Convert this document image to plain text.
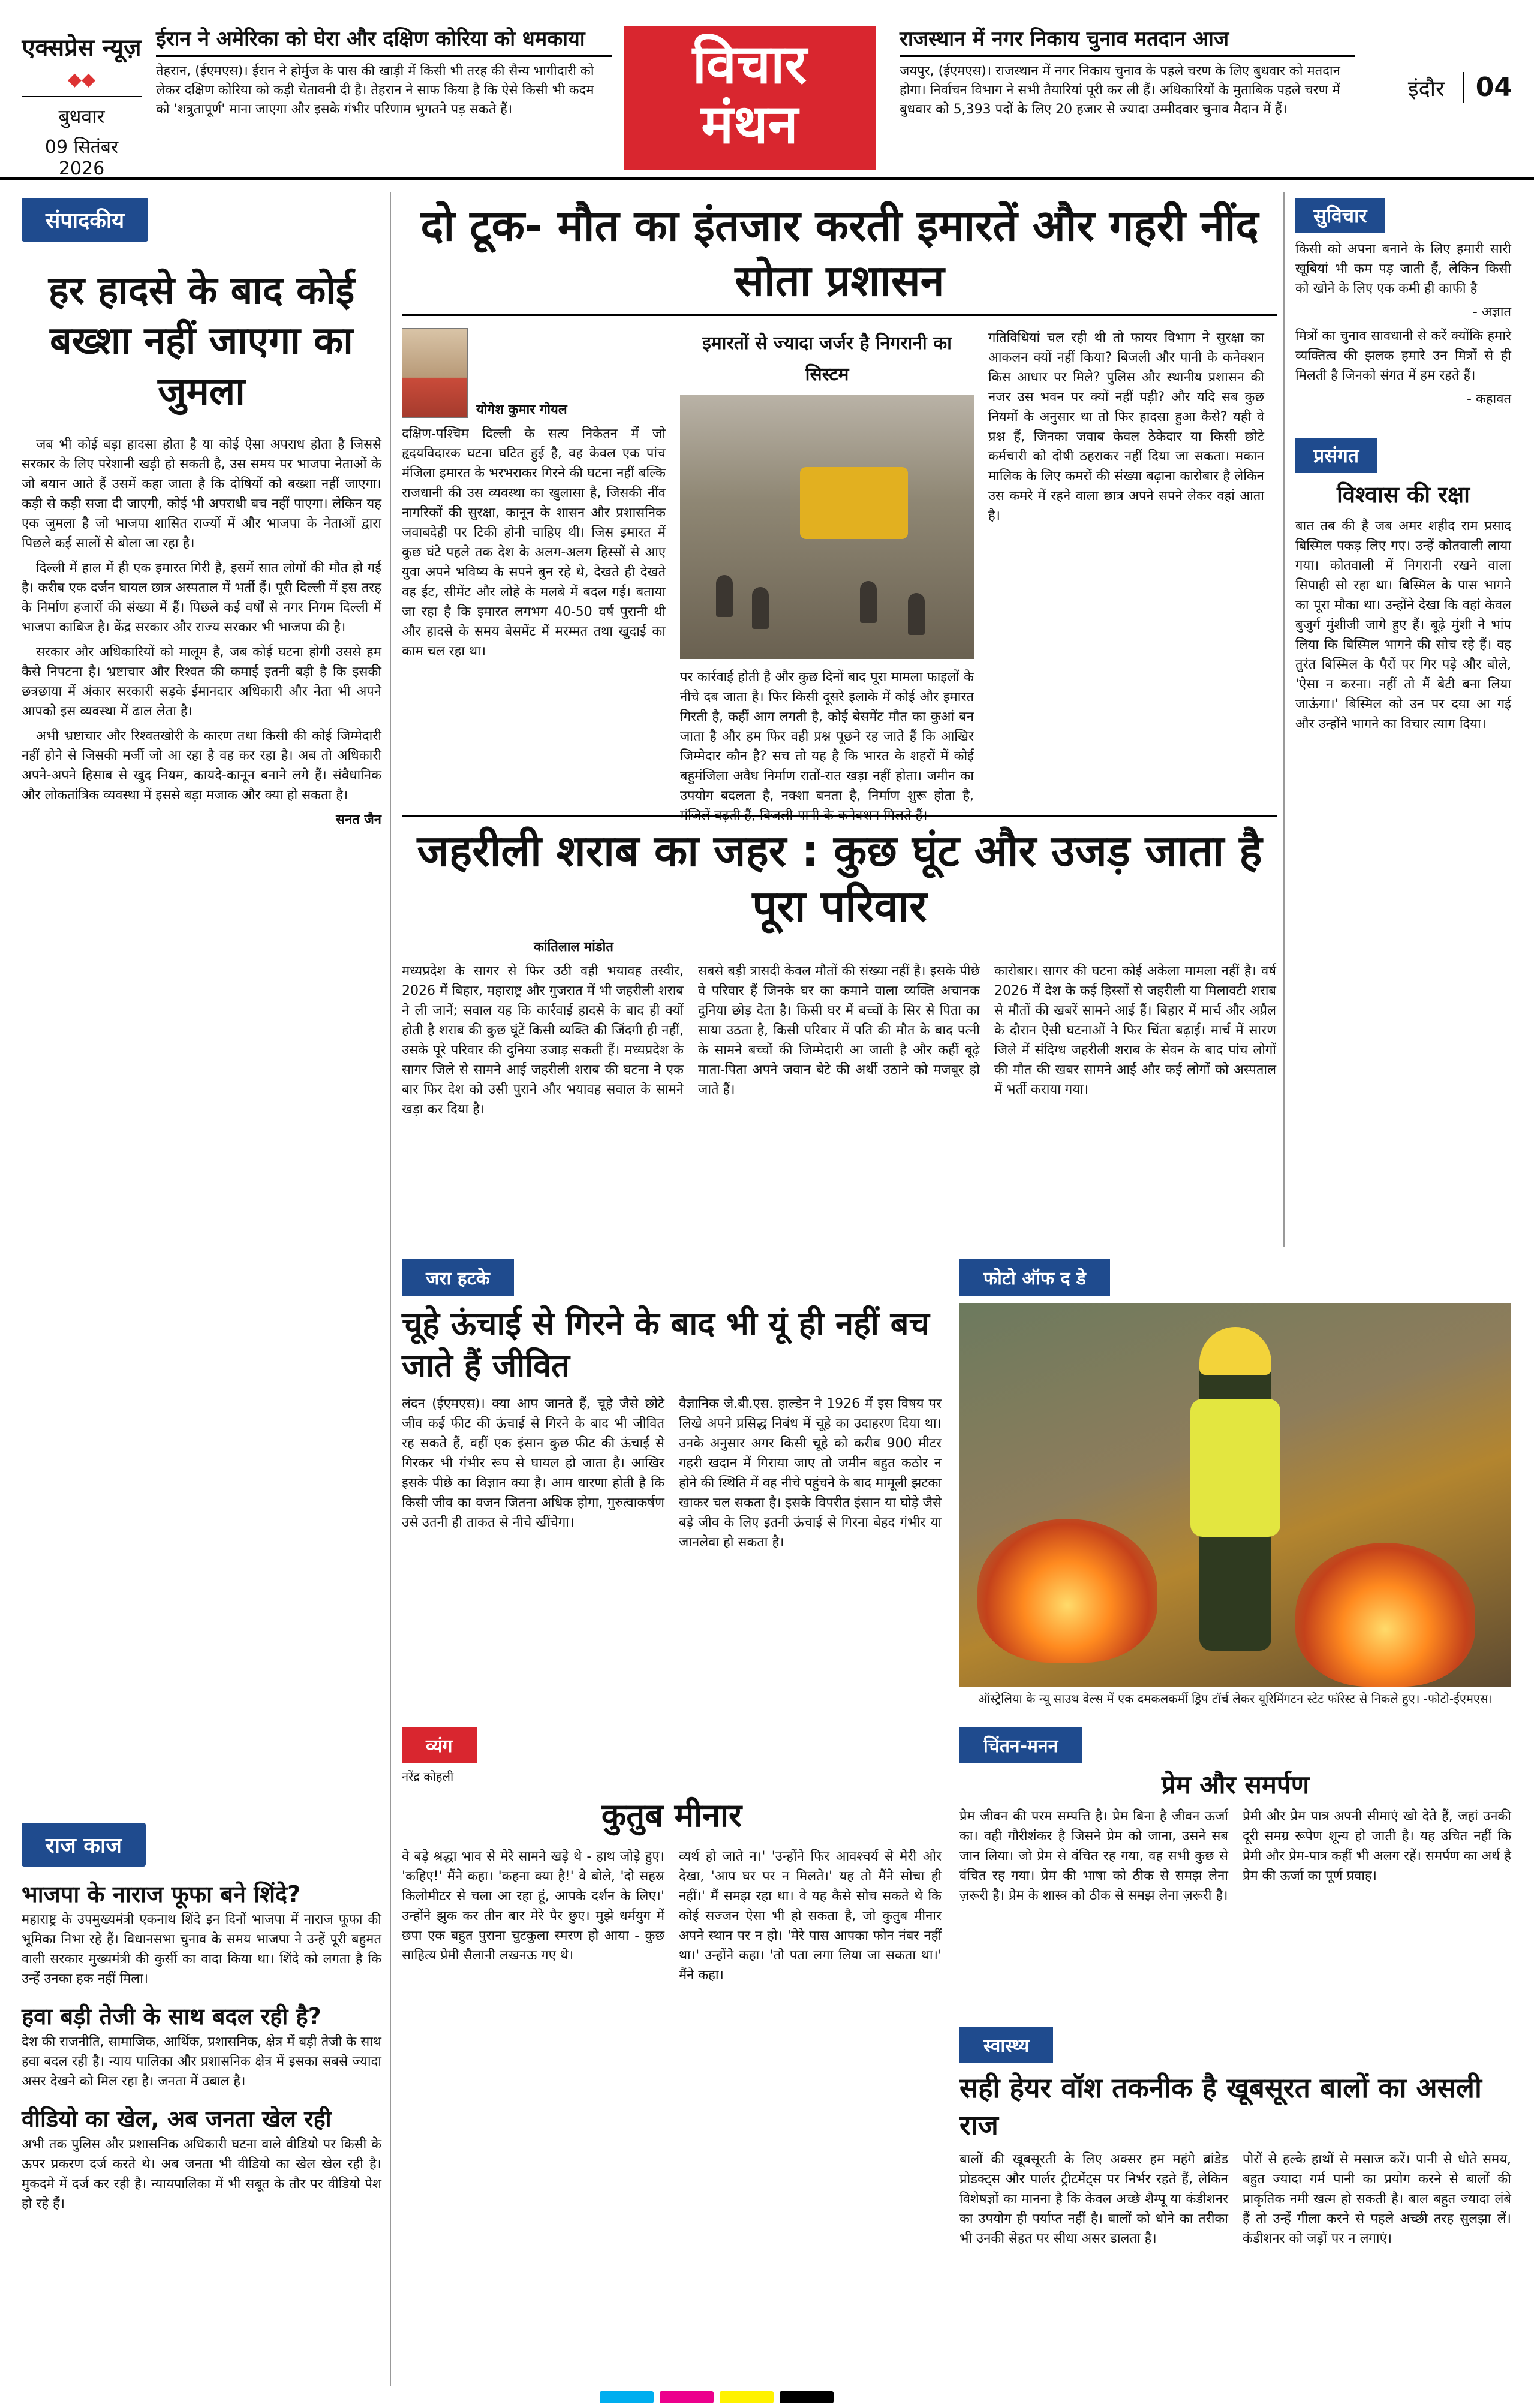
एक्सप्रेस न्यूज़
◆◆
बुधवार
09 सितंबर 2026
ईरान ने अमेरिका को घेरा और दक्षिण कोरिया को धमकाया

तेहरान, (ईएमएस)। ईरान ने होर्मुज के पास की खाड़ी में किसी भी तरह की सैन्य भागीदारी को लेकर दक्षिण कोरिया को कड़ी चेतावनी दी है। तेहरान ने साफ किया है कि ऐसे किसी भी कदम को 'शत्रुतापूर्ण' माना जाएगा और इसके गंभीर परिणाम भुगतने पड़ सकते हैं।

विचार
मंथन
राजस्थान में नगर निकाय चुनाव मतदान आज

जयपुर, (ईएमएस)। राजस्थान में नगर निकाय चुनाव के पहले चरण के लिए बुधवार को मतदान होगा। निर्वाचन विभाग ने सभी तैयारियां पूरी कर ली हैं। अधिकारियों के मुताबिक पहले चरण में बुधवार को 5,393 पदों के लिए 20 हजार से ज्यादा उम्मीदवार चुनाव मैदान में हैं।

इंदौर 04
संपादकीय
हर हादसे के बाद कोई बख्शा नहीं जाएगा का जुमला

जब भी कोई बड़ा हादसा होता है या कोई ऐसा अपराध होता है जिससे सरकार के लिए परेशानी खड़ी हो सकती है, उस समय पर भाजपा नेताओं के जो बयान आते हैं उसमें कहा जाता है कि दोषियों को बख्शा नहीं जाएगा। कड़ी से कड़ी सजा दी जाएगी, कोई भी अपराधी बच नहीं पाएगा। लेकिन यह एक जुमला है जो भाजपा शासित राज्यों में और भाजपा के नेताओं द्वारा पिछले कई सालों से बोला जा रहा है।

दिल्ली में हाल में ही एक इमारत गिरी है, इसमें सात लोगों की मौत हो गई है। करीब एक दर्जन घायल छात्र अस्पताल में भर्ती हैं। पूरी दिल्ली में इस तरह के निर्माण हजारों की संख्या में हैं। पिछले कई वर्षों से नगर निगम दिल्ली में भाजपा काबिज है। केंद्र सरकार और राज्य सरकार भी भाजपा की है।

सरकार और अधिकारियों को मालूम है, जब कोई घटना होगी उससे हम कैसे निपटना है। भ्रष्टाचार और रिश्वत की कमाई इतनी बड़ी है कि इसकी छत्रछाया में अंकार सरकारी सड़के ईमानदार अधिकारी और नेता भी अपने आपको इस व्यवस्था में ढाल लेता है।

अभी भ्रष्टाचार और रिश्वतखोरी के कारण तथा किसी की कोई जिम्मेदारी नहीं होने से जिसकी मर्जी जो आ रहा है वह कर रहा है। अब तो अधिकारी अपने-अपने हिसाब से खुद नियम, कायदे-कानून बनाने लगे हैं। संवैधानिक और लोकतांत्रिक व्यवस्था में इससे बड़ा मजाक और क्या हो सकता है।

सनत जैन
राज काज
भाजपा के नाराज फूफा बने शिंदे?
महाराष्ट्र के उपमुख्यमंत्री एकनाथ शिंदे इन दिनों भाजपा में नाराज फूफा की भूमिका निभा रहे हैं। विधानसभा चुनाव के समय भाजपा ने उन्हें पूरी बहुमत वाली सरकार मुख्यमंत्री की कुर्सी का वादा किया था। शिंदे को लगता है कि उन्हें उनका हक नहीं मिला।
हवा बड़ी तेजी के साथ बदल रही है?
देश की राजनीति, सामाजिक, आर्थिक, प्रशासनिक, क्षेत्र में बड़ी तेजी के साथ हवा बदल रही है। न्याय पालिका और प्रशासनिक क्षेत्र में इसका सबसे ज्यादा असर देखने को मिल रहा है। जनता में उबाल है।
वीडियो का खेल, अब जनता खेल रही
अभी तक पुलिस और प्रशासनिक अधिकारी घटना वाले वीडियो पर किसी के ऊपर प्रकरण दर्ज करते थे। अब जनता भी वीडियो का खेल खेल रही है। मुकदमे में दर्ज कर रही है। न्यायपालिका में भी सबूत के तौर पर वीडियो पेश हो रहे हैं।
दो टूक- मौत का इंतजार करती इमारतें और गहरी नींद सोता प्रशासन
योगेश कुमार गोयल
दक्षिण-पश्चिम दिल्ली के सत्य निकेतन में जो हृदयविदारक घटना घटित हुई है, वह केवल एक पांच मंजिला इमारत के भरभराकर गिरने की घटना नहीं बल्कि राजधानी की उस व्यवस्था का खुलासा है, जिसकी नींव नागरिकों की सुरक्षा, कानून के शासन और प्रशासनिक जवाबदेही पर टिकी होनी चाहिए थी। जिस इमारत में कुछ घंटे पहले तक देश के अलग-अलग हिस्सों से आए युवा अपने भविष्य के सपने बुन रहे थे, देखते ही देखते वह ईंट, सीमेंट और लोहे के मलबे में बदल गई। बताया जा रहा है कि इमारत लगभग 40-50 वर्ष पुरानी थी और हादसे के समय बेसमेंट में मरम्मत तथा खुदाई का काम चल रहा था।
इमारतों से ज्यादा जर्जर है निगरानी का सिस्टम
पर कार्रवाई होती है और कुछ दिनों बाद पूरा मामला फाइलों के नीचे दब जाता है। फिर किसी दूसरे इलाके में कोई और इमारत गिरती है, कहीं आग लगती है, कोई बेसमेंट मौत का कुआं बन जाता है और हम फिर वही प्रश्न पूछने रह जाते हैं कि आखिर जिम्मेदार कौन है? सच तो यह है कि भारत के शहरों में कोई बहुमंजिला अवैध निर्माण रातों-रात खड़ा नहीं होता। जमीन का उपयोग बदलता है, नक्शा बनता है, निर्माण शुरू होता है, मंजिलें बढ़ती हैं, बिजली-पानी के कनेक्शन मिलते हैं।
गतिविधियां चल रही थी तो फायर विभाग ने सुरक्षा का आकलन क्यों नहीं किया? बिजली और पानी के कनेक्शन किस आधार पर मिले? पुलिस और स्थानीय प्रशासन की नजर उस भवन पर क्यों नहीं पड़ी? और यदि सब कुछ नियमों के अनुसार था तो फिर हादसा हुआ कैसे? यही वे प्रश्न हैं, जिनका जवाब केवल ठेकेदार या किसी छोटे कर्मचारी को दोषी ठहराकर नहीं दिया जा सकता। मकान मालिक के लिए कमरों की संख्या बढ़ाना कारोबार है लेकिन उस कमरे में रहने वाला छात्र अपने सपने लेकर वहां आता है।
जहरीली शराब का जहर : कुछ घूंट और उजड़ जाता है पूरा परिवार
कांतिलाल मांडोत
मध्यप्रदेश के सागर से फिर उठी वही भयावह तस्वीर, 2026 में बिहार, महाराष्ट्र और गुजरात में भी जहरीली शराब ने ली जानें; सवाल यह कि कार्रवाई हादसे के बाद ही क्यों होती है शराब की कुछ घूंटें किसी व्यक्ति की जिंदगी ही नहीं, उसके पूरे परिवार की दुनिया उजाड़ सकती हैं। मध्यप्रदेश के सागर जिले से सामने आई जहरीली शराब की घटना ने एक बार फिर देश को उसी पुराने और भयावह सवाल के सामने खड़ा कर दिया है।
सबसे बड़ी त्रासदी केवल मौतों की संख्या नहीं है। इसके पीछे वे परिवार हैं जिनके घर का कमाने वाला व्यक्ति अचानक दुनिया छोड़ देता है। किसी घर में बच्चों के सिर से पिता का साया उठता है, किसी परिवार में पति की मौत के बाद पत्नी के सामने बच्चों की जिम्मेदारी आ जाती है और कहीं बूढ़े माता-पिता अपने जवान बेटे की अर्थी उठाने को मजबूर हो जाते हैं।
कारोबार। सागर की घटना कोई अकेला मामला नहीं है। वर्ष 2026 में देश के कई हिस्सों से जहरीली या मिलावटी शराब से मौतों की खबरें सामने आई हैं। बिहार में मार्च और अप्रैल के दौरान ऐसी घटनाओं ने फिर चिंता बढ़ाई। मार्च में सारण जिले में संदिग्ध जहरीली शराब के सेवन के बाद पांच लोगों की मौत की खबर सामने आई और कई लोगों को अस्पताल में भर्ती कराया गया।
जरा हटके
चूहे ऊंचाई से गिरने के बाद भी यूं ही नहीं बच जाते हैं जीवित
लंदन (ईएमएस)। क्या आप जानते हैं, चूहे जैसे छोटे जीव कई फीट की ऊंचाई से गिरने के बाद भी जीवित रह सकते हैं, वहीं एक इंसान कुछ फीट की ऊंचाई से गिरकर भी गंभीर रूप से घायल हो जाता है। आखिर इसके पीछे का विज्ञान क्या है। आम धारणा होती है कि किसी जीव का वजन जितना अधिक होगा, गुरुत्वाकर्षण उसे उतनी ही ताकत से नीचे खींचेगा।
वैज्ञानिक जे.बी.एस. हाल्डेन ने 1926 में इस विषय पर लिखे अपने प्रसिद्ध निबंध में चूहे का उदाहरण दिया था। उनके अनुसार अगर किसी चूहे को करीब 900 मीटर गहरी खदान में गिराया जाए तो जमीन बहुत कठोर न होने की स्थिति में वह नीचे पहुंचने के बाद मामूली झटका खाकर चल सकता है। इसके विपरीत इंसान या घोड़े जैसे बड़े जीव के लिए इतनी ऊंचाई से गिरना बेहद गंभीर या जानलेवा हो सकता है।
फोटो ऑफ द डे
ऑस्ट्रेलिया के न्यू साउथ वेल्स में एक दमकलकर्मी ड्रिप टॉर्च लेकर यूरिमिंगटन स्टेट फॉरेस्ट से निकले हुए। -फोटो-ईएमएस।
व्यंग
नरेंद्र कोहली
कुतुब मीनार
वे बड़े श्रद्धा भाव से मेरे सामने खड़े थे - हाथ जोड़े हुए। 'कहिए!' मैंने कहा। 'कहना क्या है!' वे बोले, 'दो सहस्र किलोमीटर से चला आ रहा हूं, आपके दर्शन के लिए।' उन्होंने झुक कर तीन बार मेरे पैर छुए। मुझे धर्मयुग में छपा एक बहुत पुराना चुटकुला स्मरण हो आया - कुछ साहित्य प्रेमी सैलानी लखनऊ गए थे।
व्यर्थ हो जाते न।' 'उन्होंने फिर आवश्चर्य से मेरी ओर देखा, 'आप घर पर न मिलते।' यह तो मैंने सोचा ही नहीं।' मैं समझ रहा था। वे यह कैसे सोच सकते थे कि कोई सज्जन ऐसा भी हो सकता है, जो कुतुब मीनार अपने स्थान पर न हो। 'मेरे पास आपका फोन नंबर नहीं था।' उन्होंने कहा। 'तो पता लगा लिया जा सकता था।' मैंने कहा।
चिंतन-मनन
प्रेम और समर्पण
प्रेम जीवन की परम सम्पत्ति है। प्रेम बिना है जीवन ऊर्जा का। वही गौरीशंकर है जिसने प्रेम को जाना, उसने सब जान लिया। जो प्रेम से वंचित रह गया, वह सभी कुछ से वंचित रह गया। प्रेम की भाषा को ठीक से समझ लेना ज़रूरी है। प्रेम के शास्त्र को ठीक से समझ लेना ज़रूरी है।
प्रेमी और प्रेम पात्र अपनी सीमाएं खो देते हैं, जहां उनकी दूरी समग्र रूपेण शून्य हो जाती है। यह उचित नहीं कि प्रेमी और प्रेम-पात्र कहीं भी अलग रहें। समर्पण का अर्थ है प्रेम की ऊर्जा का पूर्ण प्रवाह।
स्वास्थ्य
सही हेयर वॉश तकनीक है खूबसूरत बालों का असली राज
बालों की खूबसूरती के लिए अक्सर हम महंगे ब्रांडेड प्रोडक्ट्स और पार्लर ट्रीटमेंट्स पर निर्भर रहते हैं, लेकिन विशेषज्ञों का मानना है कि केवल अच्छे शैम्पू या कंडीशनर का उपयोग ही पर्याप्त नहीं है। बालों को धोने का तरीका भी उनकी सेहत पर सीधा असर डालता है।
पोरों से हल्के हाथों से मसाज करें। पानी से धोते समय, बहुत ज्यादा गर्म पानी का प्रयोग करने से बालों की प्राकृतिक नमी खत्म हो सकती है। बाल बहुत ज्यादा लंबे हैं तो उन्हें गीला करने से पहले अच्छी तरह सुलझा लें। कंडीशनर को जड़ों पर न लगाएं।
सुविचार
किसी को अपना बनाने के लिए हमारी सारी खूबियां भी कम पड़ जाती हैं, लेकिन किसी को खोने के लिए एक कमी ही काफी है
- अज्ञात
मित्रों का चुनाव सावधानी से करें क्योंकि हमारे व्यक्तित्व की झलक हमारे उन मित्रों से ही मिलती है जिनको संगत में हम रहते हैं।
- कहावत
प्रसंगत
विश्वास की रक्षा
बात तब की है जब अमर शहीद राम प्रसाद बिस्मिल पकड़ लिए गए। उन्हें कोतवाली लाया गया। कोतवाली में निगरानी रखने वाला सिपाही सो रहा था। बिस्मिल के पास भागने का पूरा मौका था। उन्होंने देखा कि वहां केवल बुजुर्ग मुंशीजी जागे हुए हैं। बूढ़े मुंशी ने भांप लिया कि बिस्मिल भागने की सोच रहे हैं। वह तुरंत बिस्मिल के पैरों पर गिर पड़े और बोले, 'ऐसा न करना। नहीं तो मैं बेटी बना लिया जाऊंगा।' बिस्मिल को उन पर दया आ गई और उन्होंने भागने का विचार त्याग दिया।
